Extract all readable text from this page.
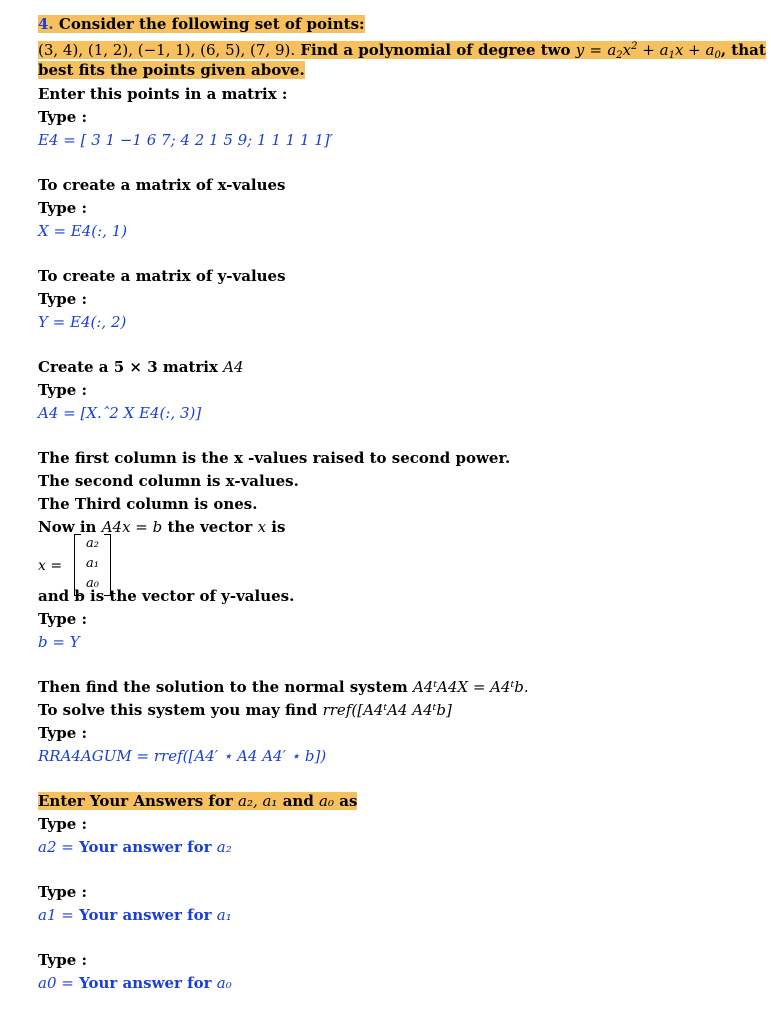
4. Consider the following set of points:
(3, 4), (1, 2), (−1, 1), (6, 5), (7, 9). Find a polynomial of degree two $y = a_2x^2 + a_1x + a_0$, that
best fits the points given above.
Enter this points in a matrix :
Type :
E4 = [ 3 1 −1 6 7; 4 2 1 5 9; 1 1 1 1 1]′
To create a matrix of x-values
Type :
X = E4(:, 1)
To create a matrix of y-values
Type :
Y = E4(:, 2)
Create a 5 × 3 matrix A4
Type :
A4 = [X.ˆ2 X E4(:, 3)]
The first column is the x -values raised to second power.
The second column is x-values.
The Third column is ones.
Now in A4x = b the vector x is
x =
a₂
a₁
a₀
and b is the vector of y-values.
Type :
b = Y
Then find the solution to the normal system A4ᵗA4X = A4ᵗb.
To solve this system you may find rref([A4ᵗA4 A4ᵗb]
Type :
RRA4AGUM = rref([A4′ ⋆ A4 A4′ ⋆ b])
Enter Your Answers for a₂, a₁ and a₀ as
Type :
a2 = Your answer for a₂
Type :
a1 = Your answer for a₁
Type :
a0 = Your answer for a₀
